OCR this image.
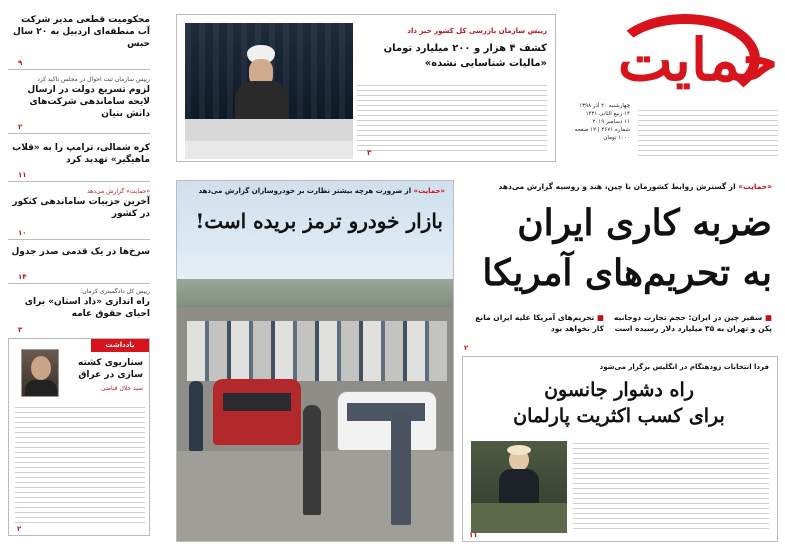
محکومیت قطعی مدیر شرکت آب منطقه‌ای اردبیل به ۲۰ سال حبس
۹
رییس سازمان ثبت احوال در مجلس تاکید کرد
لزوم تسریع دولت در ارسال لایحه ساماندهی شرکت‌های دانش بنیان
۲
کره شمالی، ترامپ را به «قلاب ماهیگیر» تهدید کرد
۱۱
«حمایت» گزارش می‌دهد
آخرین جزییات ساماندهی کنکور در کشور
۱۰
سرخ‌ها در یک قدمی صدر جدول
۱۴
رییس کل دادگستری کرمان:
راه اندازی «داد استان» برای احیای حقوق عامه
۳
یادداشت
سناریوی کشته سازی در عراق
سید جلال فیاضی
۲
رییس سازمان بازرسی کل کشور خبر داد
کشف ۴ هزار و ۲۰۰ میلیارد تومان «مالیات شناسایی نشده»
۳
حمایت
چهارشنبه ۲۰ آذر ۱۳۹۸
۱۴ ربیع الثانی ۱۴۴۱
۱۱ دسامبر ۲۰۱۹
شماره ۴۶۷۱ | ۱۲ صفحه
۱۰۰۰ تومان
«حمایت» از گسترش روابط کشورمان با چین، هند و روسیه گزارش می‌دهد
ضربه کاری ایران
به تحریم‌های آمریکا
■ سفیر چین در ایران: حجم تجارت دوجانبه پکن و تهران به ۳۵ میلیارد دلار رسیده است
■ تحریم‌های آمریکا علیه ایران مانع کار نخواهد بود
۲
«حمایت» از ضرورت هرچه بیشتر نظارت بر خودروسازان گزارش می‌دهد
بازار خودرو ترمز بریده است!
فردا انتخابات زودهنگام در انگلیس برگزار می‌شود
راه دشوار جانسون
برای کسب اکثریت پارلمان
۱۱
